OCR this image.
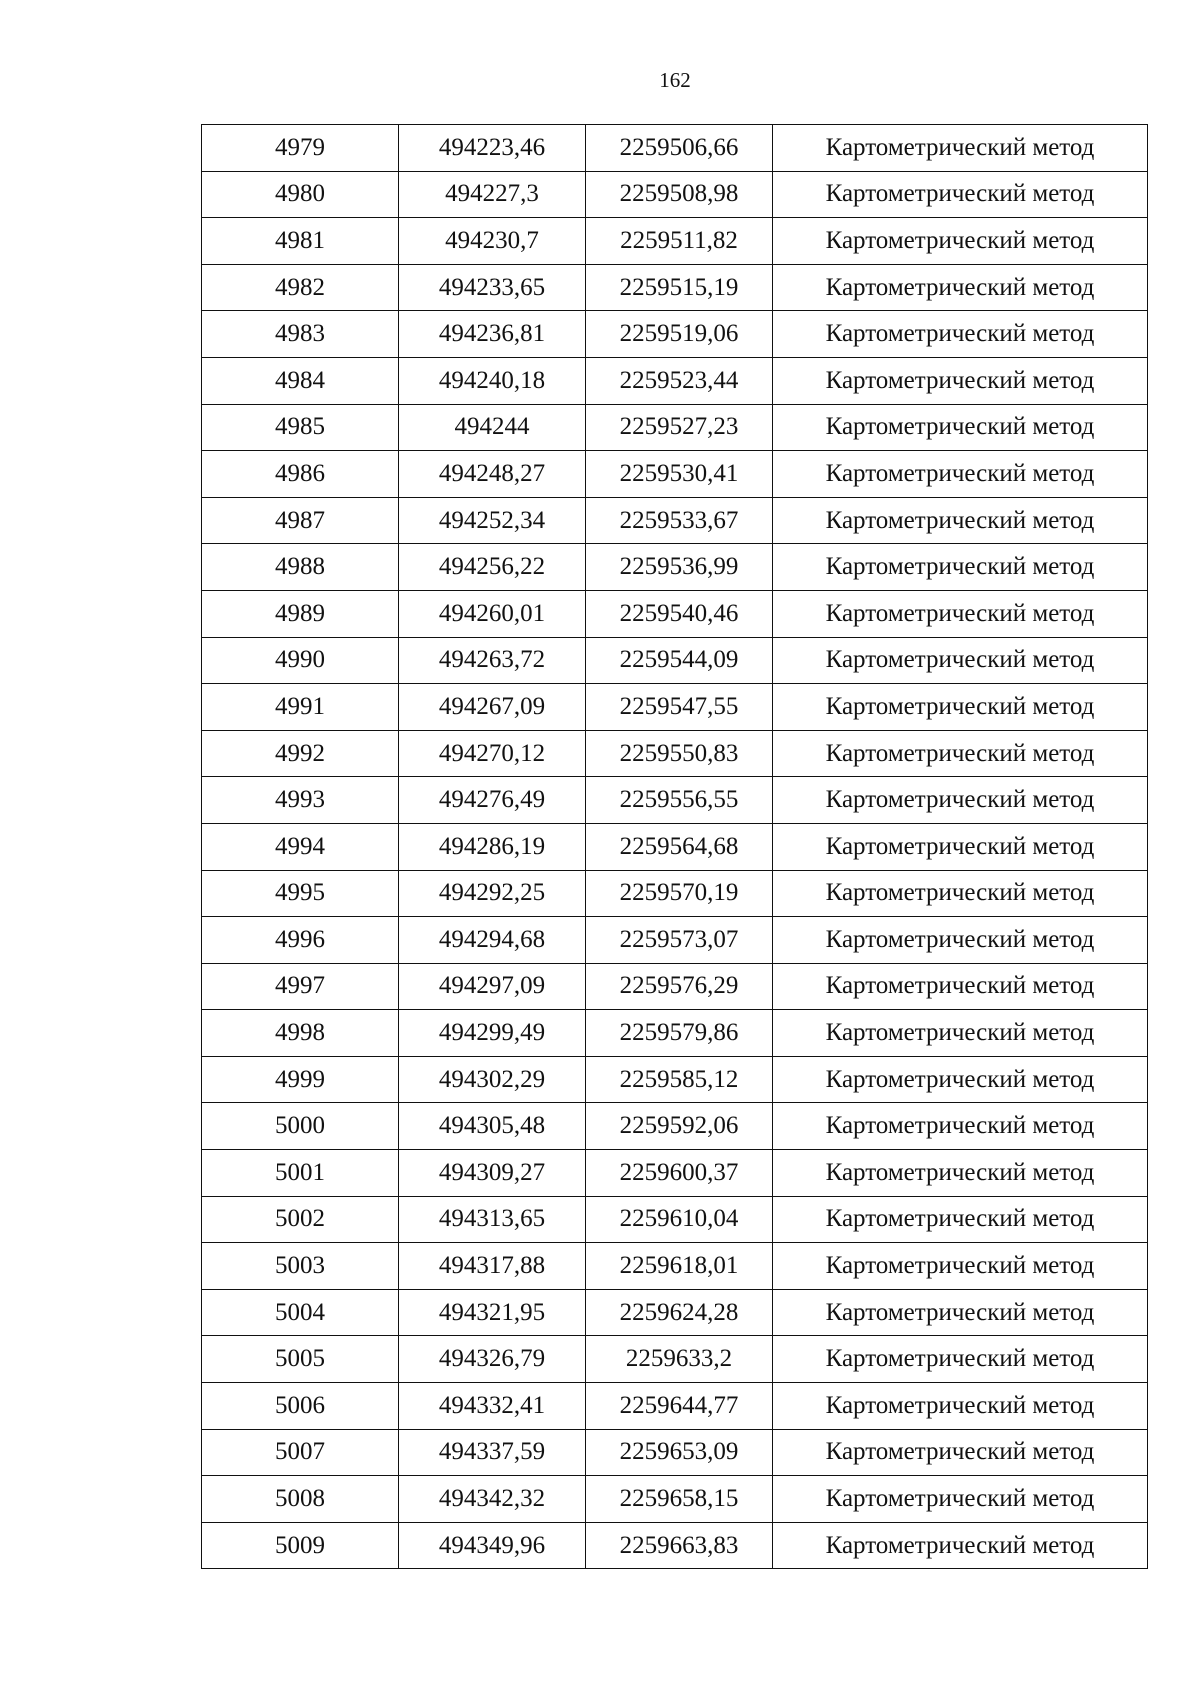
162
4979	494223,46	2259506,66	Картометрический метод
4980	494227,3	2259508,98	Картометрический метод
4981	494230,7	2259511,82	Картометрический метод
4982	494233,65	2259515,19	Картометрический метод
4983	494236,81	2259519,06	Картометрический метод
4984	494240,18	2259523,44	Картометрический метод
4985	494244	2259527,23	Картометрический метод
4986	494248,27	2259530,41	Картометрический метод
4987	494252,34	2259533,67	Картометрический метод
4988	494256,22	2259536,99	Картометрический метод
4989	494260,01	2259540,46	Картометрический метод
4990	494263,72	2259544,09	Картометрический метод
4991	494267,09	2259547,55	Картометрический метод
4992	494270,12	2259550,83	Картометрический метод
4993	494276,49	2259556,55	Картометрический метод
4994	494286,19	2259564,68	Картометрический метод
4995	494292,25	2259570,19	Картометрический метод
4996	494294,68	2259573,07	Картометрический метод
4997	494297,09	2259576,29	Картометрический метод
4998	494299,49	2259579,86	Картометрический метод
4999	494302,29	2259585,12	Картометрический метод
5000	494305,48	2259592,06	Картометрический метод
5001	494309,27	2259600,37	Картометрический метод
5002	494313,65	2259610,04	Картометрический метод
5003	494317,88	2259618,01	Картометрический метод
5004	494321,95	2259624,28	Картометрический метод
5005	494326,79	2259633,2	Картометрический метод
5006	494332,41	2259644,77	Картометрический метод
5007	494337,59	2259653,09	Картометрический метод
5008	494342,32	2259658,15	Картометрический метод
5009	494349,96	2259663,83	Картометрический метод
